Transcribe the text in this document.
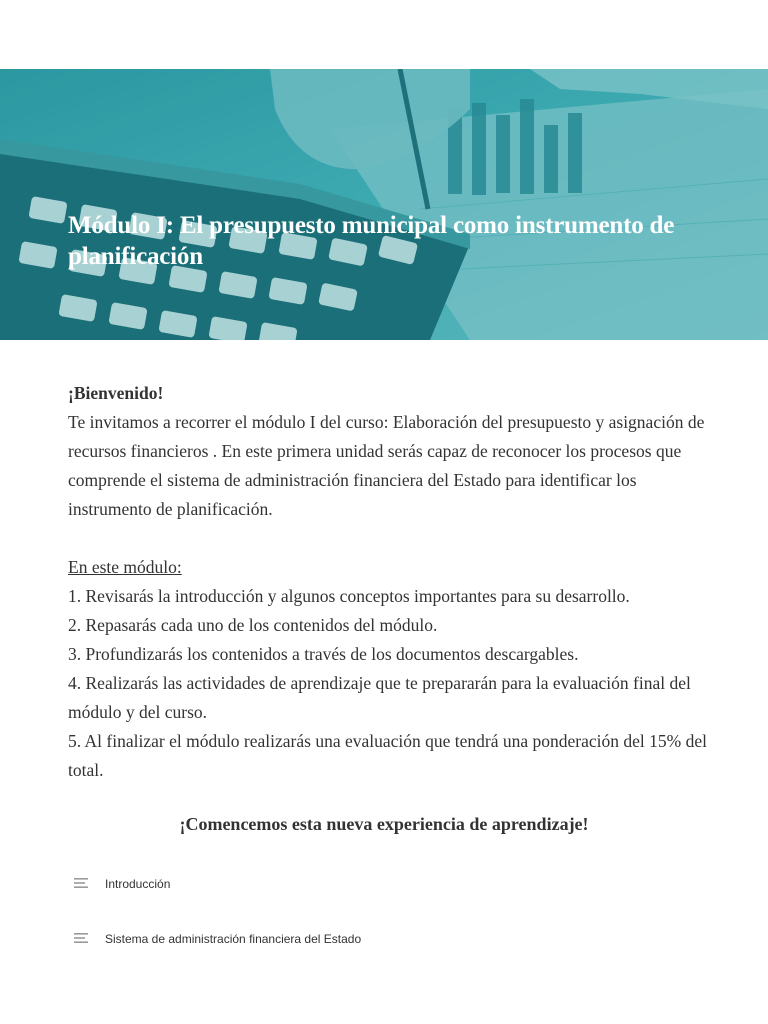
Módulo I: El presupuesto municipal como instrumento de planificación

¡Bienvenido!

Te invitamos a recorrer el módulo I del curso: Elaboración del presupuesto y asignación de recursos financieros . En este primera unidad serás capaz de reconocer los procesos que comprende el sistema de administración financiera del Estado para identificar los instrumento de planificación.

En este módulo:

1. Revisarás la introducción y algunos conceptos importantes para su desarrollo.

2. Repasarás cada uno de los contenidos del módulo.

3. Profundizarás los contenidos a través de los documentos descargables.

4. Realizarás las actividades de aprendizaje que te prepararán para la evaluación final del módulo y del curso.

5. Al finalizar el módulo realizarás una evaluación que tendrá una ponderación del 15% del total.

¡Comencemos esta nueva experiencia de aprendizaje!
Introducción
Sistema de administración financiera del Estado
